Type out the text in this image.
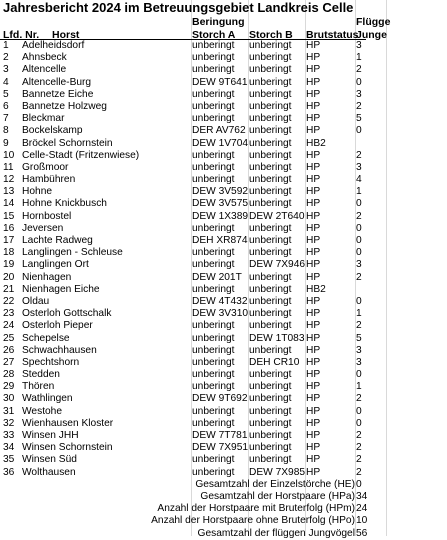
Jahresbericht 2024 im Betreuungsgebiet Landkreis Celle
Beringung	Flügge
Lfd. Nr. Horst	Storch A Storch B Brutstatus
Junge
1 Adelheidsdorf	unberingt unberingt HP	3
2 Ahnsbeck	unberingt unberingt HP	1
3 Altencelle	unberingt unberingt HP	2
4 Altencelle-Burg	DEW 9T641 unberingt HP	0
5 Bannetze Eiche	unberingt unberingt HP	3
6 Bannetze Holzweg	unberingt unberingt HP	2
7 Bleckmar	unberingt unberingt HP	5
8 Bockelskamp	DER AV762 unberingt HP	0
9 Bröckel Schornstein	DEW 1V704 unberingt HB2
10 Celle-Stadt (Fritzenwiese)	unberingt unberingt HP	2
11 Großmoor	unberingt unberingt HP	3
12 Hambühren	unberingt unberingt HP	4
13 Hohne	DEW 3V592 unberingt HP	1
14 Hohne Knickbusch	DEW 3V575 unberingt HP	0
15 Hornbostel	DEW 1X389 DEW 2T640 HP	2
16 Jeversen	unberingt unberingt HP	0
17 Lachte Radweg	DEH XR874 unberingt HP	0
18 Langlingen - Schleuse	unberingt unberingt HP	0
19 Langlingen Ort	unberingt DEW 7X946 HP	3
20 Nienhagen	DEW 201T unberingt HP	2
21 Nienhagen Eiche	unberingt unberingt HB2
22 Oldau	DEW 4T432 unberingt HP	0
23 Osterloh Gottschalk	DEW 3V310 unberingt HP	1
24 Osterloh Pieper	unberingt unberingt HP	2
25 Schepelse	unberingt DEW 1T083 HP	5
26 Schwachhausen	unberingt unberingt HP	3
27 Spechtshorn	unberingt DEH CR10 HP	3
28 Stedden	unberingt unberingt HP	0
29 Thören	unberingt unberingt HP	1
30 Wathlingen	DEW 9T692 unberingt HP	2
31 Westohe	unberingt unberingt HP	0
32 Wienhausen Kloster	unberingt unberingt HP	0
33 Winsen JHH	DEW 7T781 unberingt HP	2
34 Winsen Schornstein	DEW 7X951 unberingt HP	2
35 Winsen Süd	unberingt unberingt HP	2
36 Wolthausen	unberingt DEW 7X985 HP	2
Gesamtzahl der Einzelstörche (HE) 0
Gesamtzahl der Horstpaare (HPa) 34
Anzahl der Horstpaare mit Bruterfolg (HPm) 24
Anzahl der Horstpaare ohne Bruterfolg (HPo) 10
Gesamtzahl der flüggen Jungvögel 56
